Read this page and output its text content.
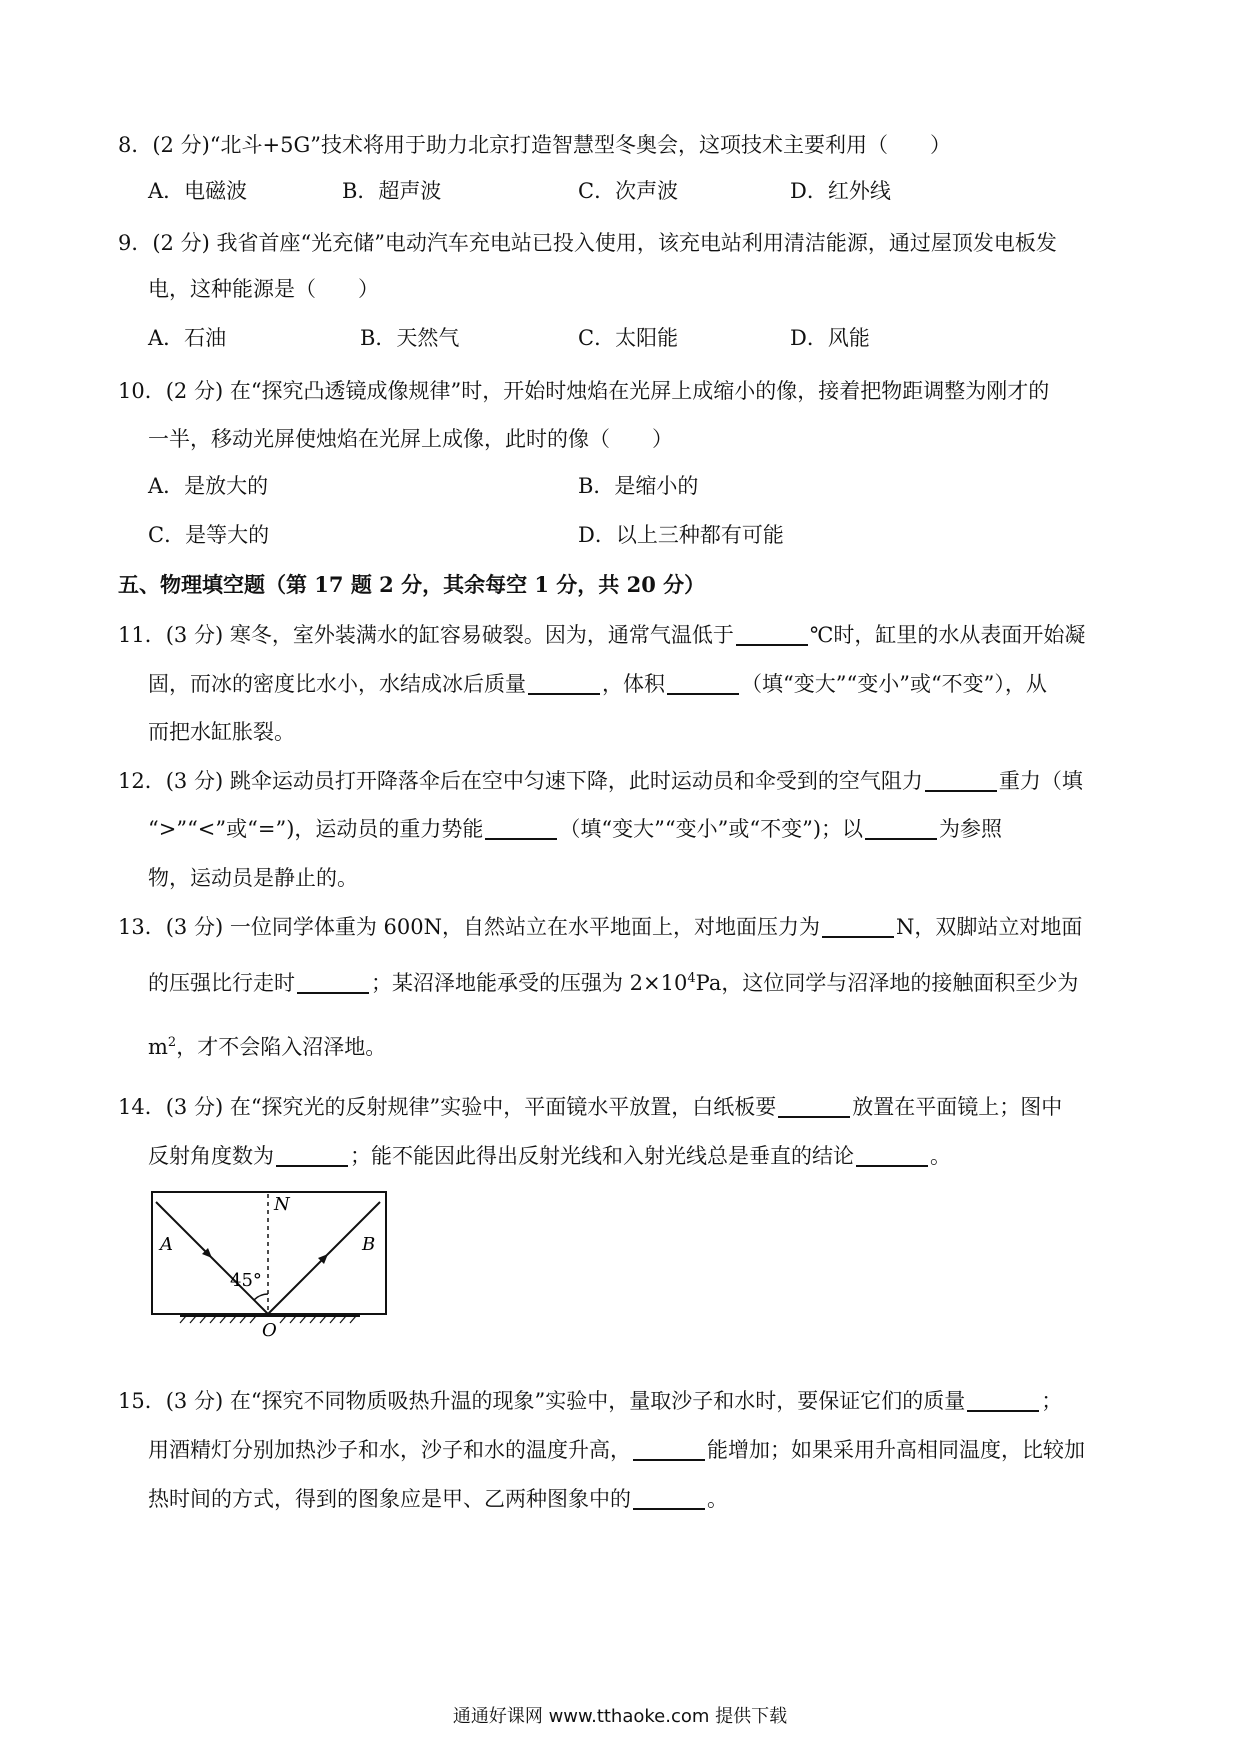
8．(2 分)“北斗+5G”技术将用于助力北京打造智慧型冬奥会，这项技术主要利用（　　）
A．电磁波	B．超声波	C．次声波	D．红外线
9．(2 分) 我省首座“光充储”电动汽车充电站已投入使用，该充电站利用清洁能源，通过屋顶发电板发
电，这种能源是（　　）
A．石油	B．天然气	C．太阳能	D．风能
10．(2 分) 在“探究凸透镜成像规律”时，开始时烛焰在光屏上成缩小的像，接着把物距调整为刚才的
一半，移动光屏使烛焰在光屏上成像，此时的像（　　）
A．是放大的	B．是缩小的
C．是等大的	D．以上三种都有可能
五、物理填空题（第 17 题 2 分，其余每空 1 分，共 20 分）
11．(3 分) 寒冬，室外装满水的缸容易破裂。因为，通常气温低于	℃时，缸里的水从表面开始凝
固，而冰的密度比水小，水结成冰后质量	，体积	（填“变大”“变小”或“不变”），从
而把水缸胀裂。
12．(3 分) 跳伞运动员打开降落伞后在空中匀速下降，此时运动员和伞受到的空气阻力	重力（填
“>”“<”或“=”)，运动员的重力势能	（填“变大”“变小”或“不变”)；以	为参照
物，运动员是静止的。
13．(3 分) 一位同学体重为 600N，自然站立在水平地面上，对地面压力为	N，双脚站立对地面
的压强比行走时	；某沼泽地能承受的压强为 $2\times 10^4Pa$，这位同学与沼泽地的接触面积至少为
$m^2$，才不会陷入沼泽地。
14．(3 分) 在“探究光的反射规律”实验中，平面镜水平放置，白纸板要	放置在平面镜上；图中
反射角度数为	；能不能因此得出反射光线和入射光线总是垂直的结论	。
N
A	B
45°
O
15．(3 分) 在“探究不同物质吸热升温的现象”实验中，量取沙子和水时，要保证它们的质量	；
用酒精灯分别加热沙子和水，沙子和水的温度升高，	能增加；如果采用升高相同温度，比较加
热时间的方式，得到的图象应是甲、乙两种图象中的	。
通通好课网 www.tthaoke.com 提供下载
